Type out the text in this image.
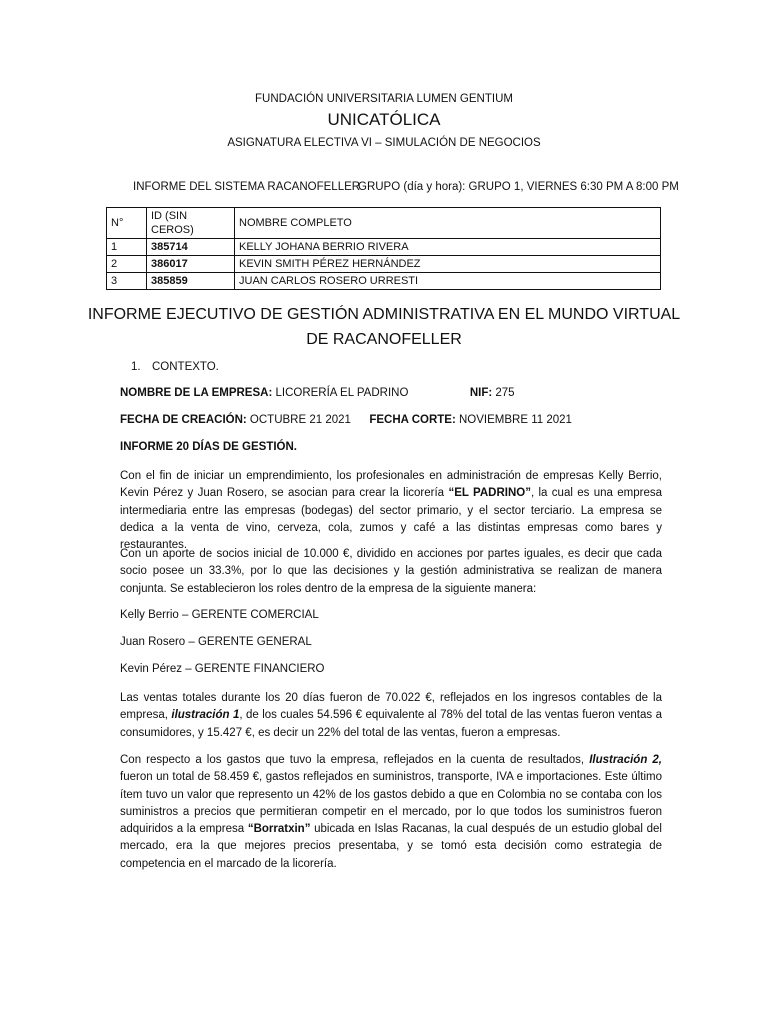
FUNDACIÓN UNIVERSITARIA LUMEN GENTIUM
UNICATÓLICA
ASIGNATURA ELECTIVA VI – SIMULACIÓN DE NEGOCIOS
INFORME DEL SISTEMA RACANOFELLER
GRUPO (día y hora): GRUPO 1, VIERNES 6:30 PM A 8:00 PM
N°	ID (SIN CEROS)	NOMBRE COMPLETO
1	385714	KELLY JOHANA BERRIO RIVERA
2	386017	KEVIN SMITH PÉREZ HERNÁNDEZ
3	385859	JUAN CARLOS ROSERO URRESTI
INFORME EJECUTIVO DE GESTIÓN ADMINISTRATIVA EN EL MUNDO VIRTUAL
DE RACANOFELLER
1. CONTEXTO.
NOMBRE DE LA EMPRESA: LICORERÍA EL PADRINO	NIF: 275
FECHA DE CREACIÓN: OCTUBRE 21 2021 FECHA CORTE: NOVIEMBRE 11 2021
INFORME 20 DÍAS DE GESTIÓN.
Con el fin de iniciar un emprendimiento, los profesionales en administración de empresas Kelly Berrio, Kevin Pérez y Juan Rosero, se asocian para crear la licorería “EL PADRINO”, la cual es una empresa intermediaria entre las empresas (bodegas) del sector primario, y el sector terciario. La empresa se dedica a la venta de vino, cerveza, cola, zumos y café a las distintas empresas como bares y restaurantes.
Con un aporte de socios inicial de 10.000 €, dividido en acciones por partes iguales, es decir que cada socio posee un 33.3%, por lo que las decisiones y la gestión administrativa se realizan de manera conjunta. Se establecieron los roles dentro de la empresa de la siguiente manera:
Kelly Berrio – GERENTE COMERCIAL
Juan Rosero – GERENTE GENERAL
Kevin Pérez – GERENTE FINANCIERO
Las ventas totales durante los 20 días fueron de 70.022 €, reflejados en los ingresos contables de la empresa, ilustración 1, de los cuales 54.596 € equivalente al 78% del total de las ventas fueron ventas a consumidores, y 15.427 €, es decir un 22% del total de las ventas, fueron a empresas.
Con respecto a los gastos que tuvo la empresa, reflejados en la cuenta de resultados, Ilustración 2, fueron un total de 58.459 €, gastos reflejados en suministros, transporte, IVA e importaciones. Este último ítem tuvo un valor que represento un 42% de los gastos debido a que en Colombia no se contaba con los suministros a precios que permitieran competir en el mercado, por lo que todos los suministros fueron adquiridos a la empresa “Borratxin” ubicada en Islas Racanas, la cual después de un estudio global del mercado, era la que mejores precios presentaba, y se tomó esta decisión como estrategia de competencia en el marcado de la licorería.
